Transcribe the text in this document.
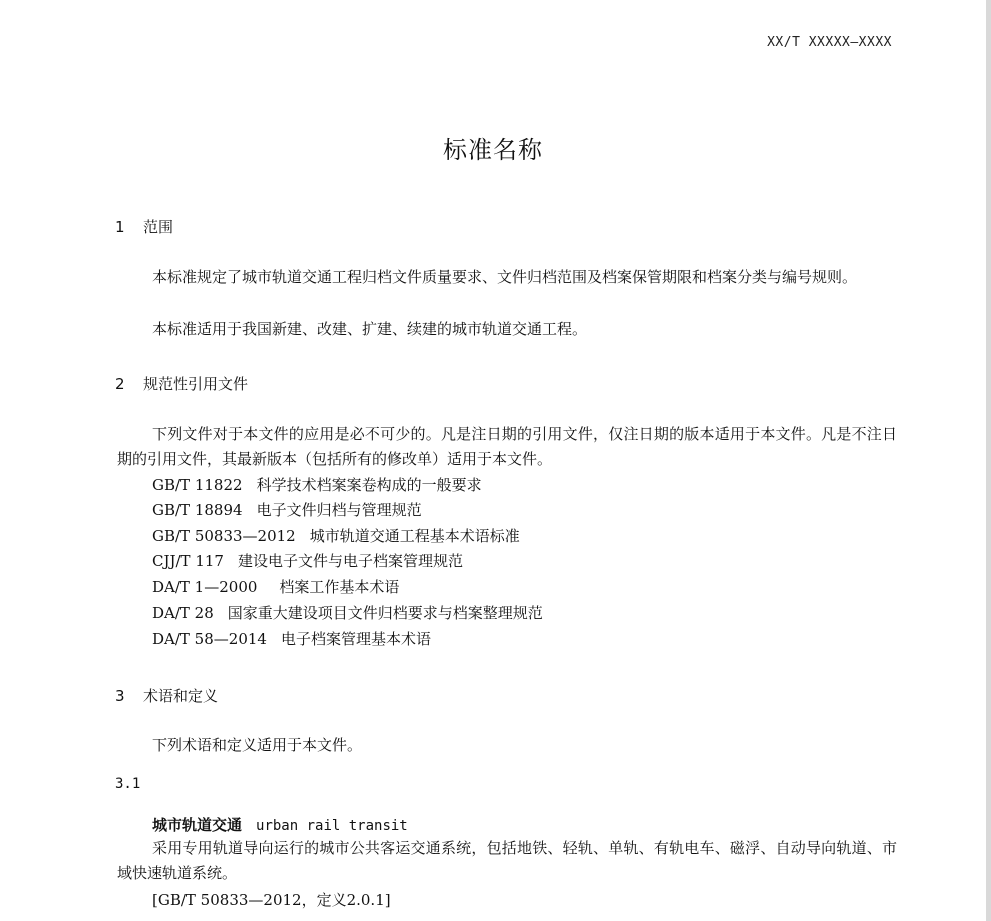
XX/T XXXXX—XXXX
标准名称
1 范围

本标准规定了城市轨道交通工程归档文件质量要求、文件归档范围及档案保管期限和档案分类与编号规则。

本标准适用于我国新建、改建、扩建、续建的城市轨道交通工程。

2 规范性引用文件

下列文件对于本文件的应用是必不可少的。凡是注日期的引用文件，仅注日期的版本适用于本文件。凡是不注日期的引用文件，其最新版本（包括所有的修改单）适用于本文件。

GB/T 11822 科学技术档案案卷构成的一般要求
GB/T 18894 电子文件归档与管理规范
GB/T 50833—2012 城市轨道交通工程基本术语标准
CJJ/T 117 建设电子文件与电子档案管理规范
DA/T 1—2000 档案工作基本术语
DA/T 28 国家重大建设项目文件归档要求与档案整理规范
DA/T 58—2014 电子档案管理基本术语
3 术语和定义

下列术语和定义适用于本文件。

3.1
城市轨道交通 urban rail transit

采用专用轨道导向运行的城市公共客运交通系统，包括地铁、轻轨、单轨、有轨电车、磁浮、自动导向轨道、市域快速轨道系统。

[GB/T 50833—2012，定义2.0.1]
